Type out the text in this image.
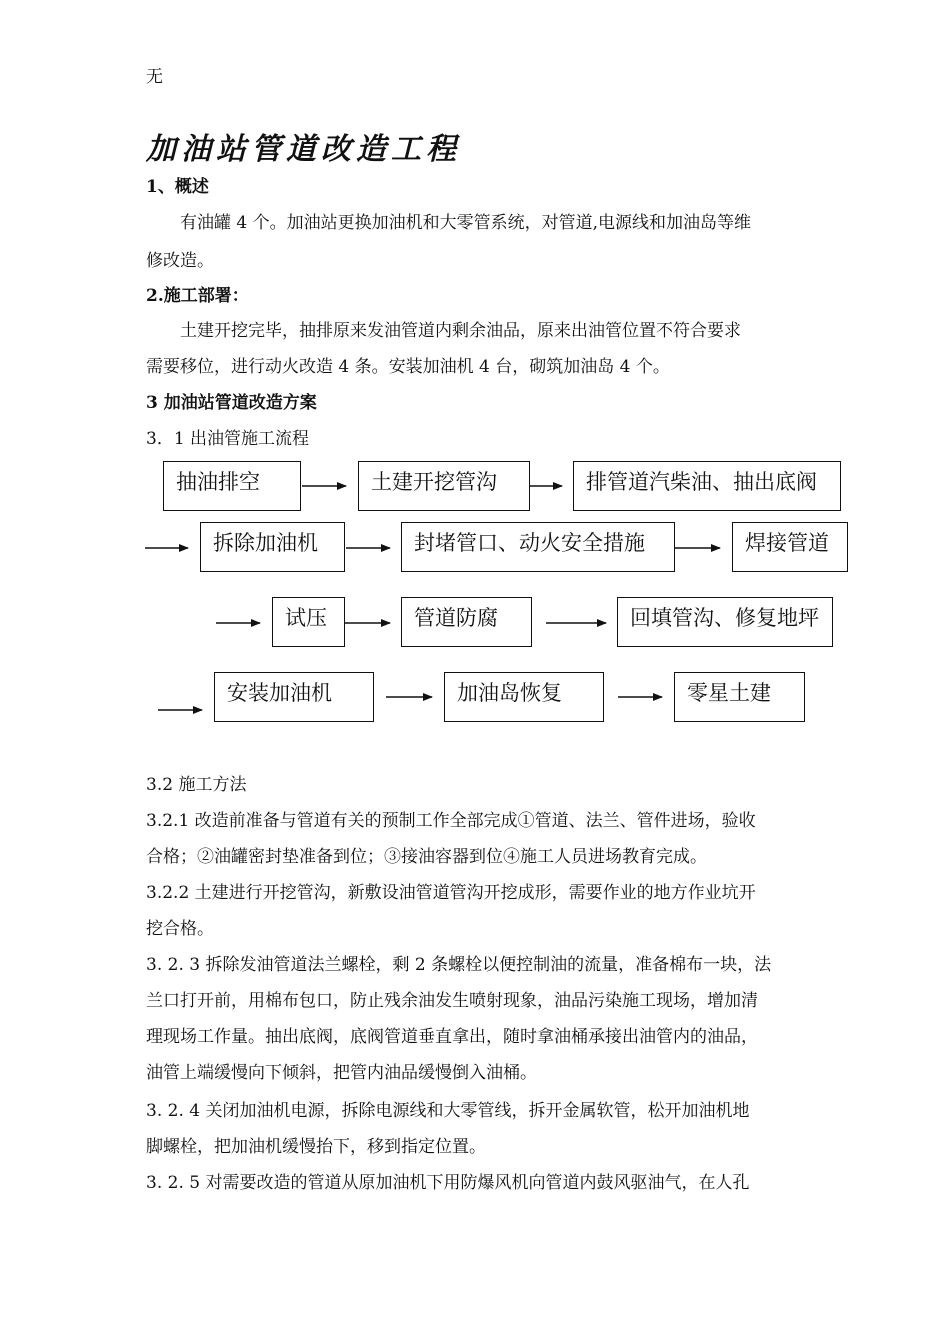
无
加油站管道改造工程
1、概述
有油罐 4 个。加油站更换加油机和大零管系统，对管道,电源线和加油岛等维
修改造。
2.施工部署：
土建开挖完毕，抽排原来发油管道内剩余油品，原来出油管位置不符合要求
需要移位，进行动火改造 4 条。安装加油机 4 台，砌筑加油岛 4 个。
3 加油站管道改造方案
3．1 出油管施工流程
抽油排空	土建开挖管沟	排管道汽柴油、抽出底阀
拆除加油机	封堵管口、动火安全措施	焊接管道
试压	管道防腐	回填管沟、修复地坪
安装加油机	加油岛恢复	零星土建
3.2 施工方法
3.2.1 改造前准备与管道有关的预制工作全部完成①管道、法兰、管件进场，验收
合格；②油罐密封垫准备到位；③接油容器到位④施工人员进场教育完成。
3.2.2 土建进行开挖管沟，新敷设油管道管沟开挖成形，需要作业的地方作业坑开
挖合格。
3. 2. 3 拆除发油管道法兰螺栓，剩 2 条螺栓以便控制油的流量，准备棉布一块，法
兰口打开前，用棉布包口，防止残余油发生喷射现象，油品污染施工现场，增加清
理现场工作量。抽出底阀，底阀管道垂直拿出，随时拿油桶承接出油管内的油品，
油管上端缓慢向下倾斜，把管内油品缓慢倒入油桶。
3. 2. 4 关闭加油机电源，拆除电源线和大零管线，拆开金属软管，松开加油机地
脚螺栓，把加油机缓慢抬下，移到指定位置。
3. 2. 5 对需要改造的管道从原加油机下用防爆风机向管道内鼓风驱油气，在人孔
